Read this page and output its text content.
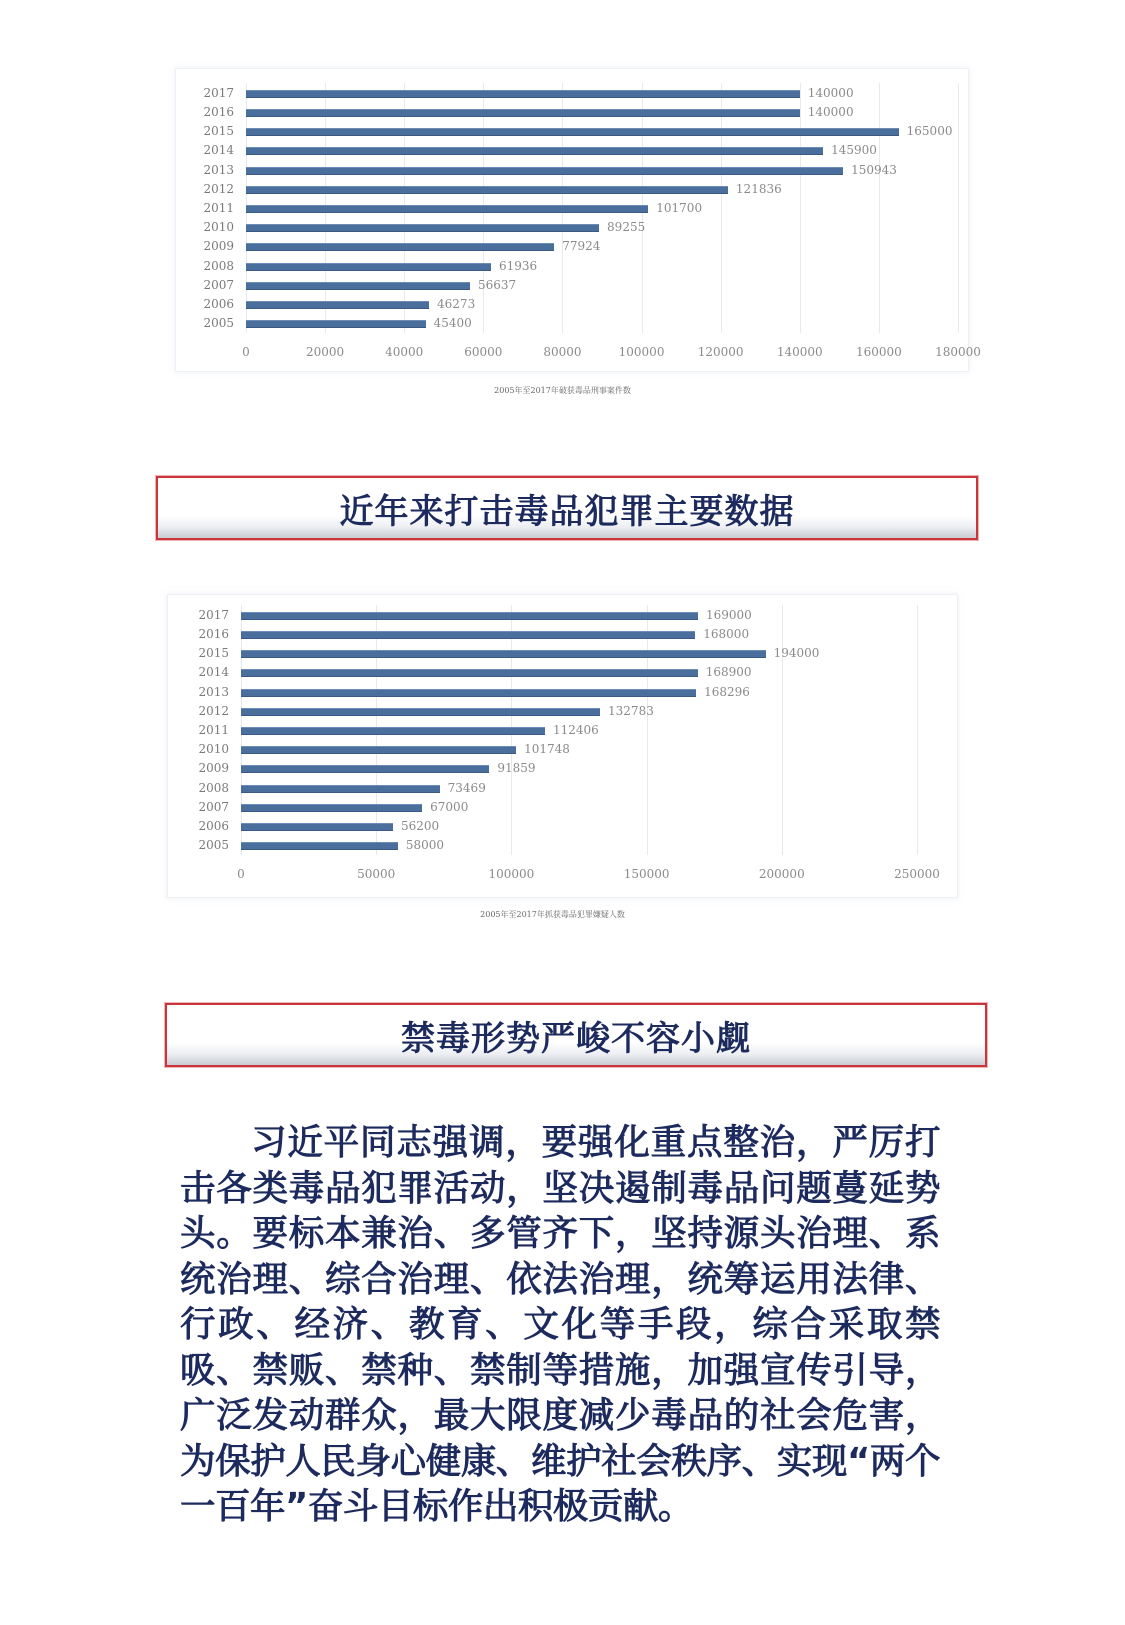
0	20000	40000	60000	80000	100000	120000	140000	160000	180000
2017	140000
2016	140000
2015	165000
2014	145900
2013	150943
2012	121836
2011	101700
2010	89255
2009	77924
2008	61936
2007	56637
2006	46273
2005	45400
2005年至2017年破获毒品刑事案件数
近年来打击毒品犯罪主要数据
0	50000	100000	150000	200000	250000
2017	169000
2016	168000
2015	194000
2014	168900
2013	168296
2012	132783
2011	112406
2010	101748
2009	91859
2008	73469
2007	67000
2006	56200
2005	58000
2005年至2017年抓获毒品犯罪嫌疑人数
禁毒形势严峻不容小觑
习近平同志强调，要强化重点整治，严厉打击各类毒品犯罪活动，坚决遏制毒品问题蔓延势头。要标本兼治、多管齐下，坚持源头治理、系统治理、综合治理、依法治理，统筹运用法律、行政、经济、教育、文化等手段，综合采取禁吸、禁贩、禁种、禁制等措施，加强宣传引导，广泛发动群众，最大限度减少毒品的社会危害，为保护人民身心健康、维护社会秩序、实现“两个一百年”奋斗目标作出积极贡献。
